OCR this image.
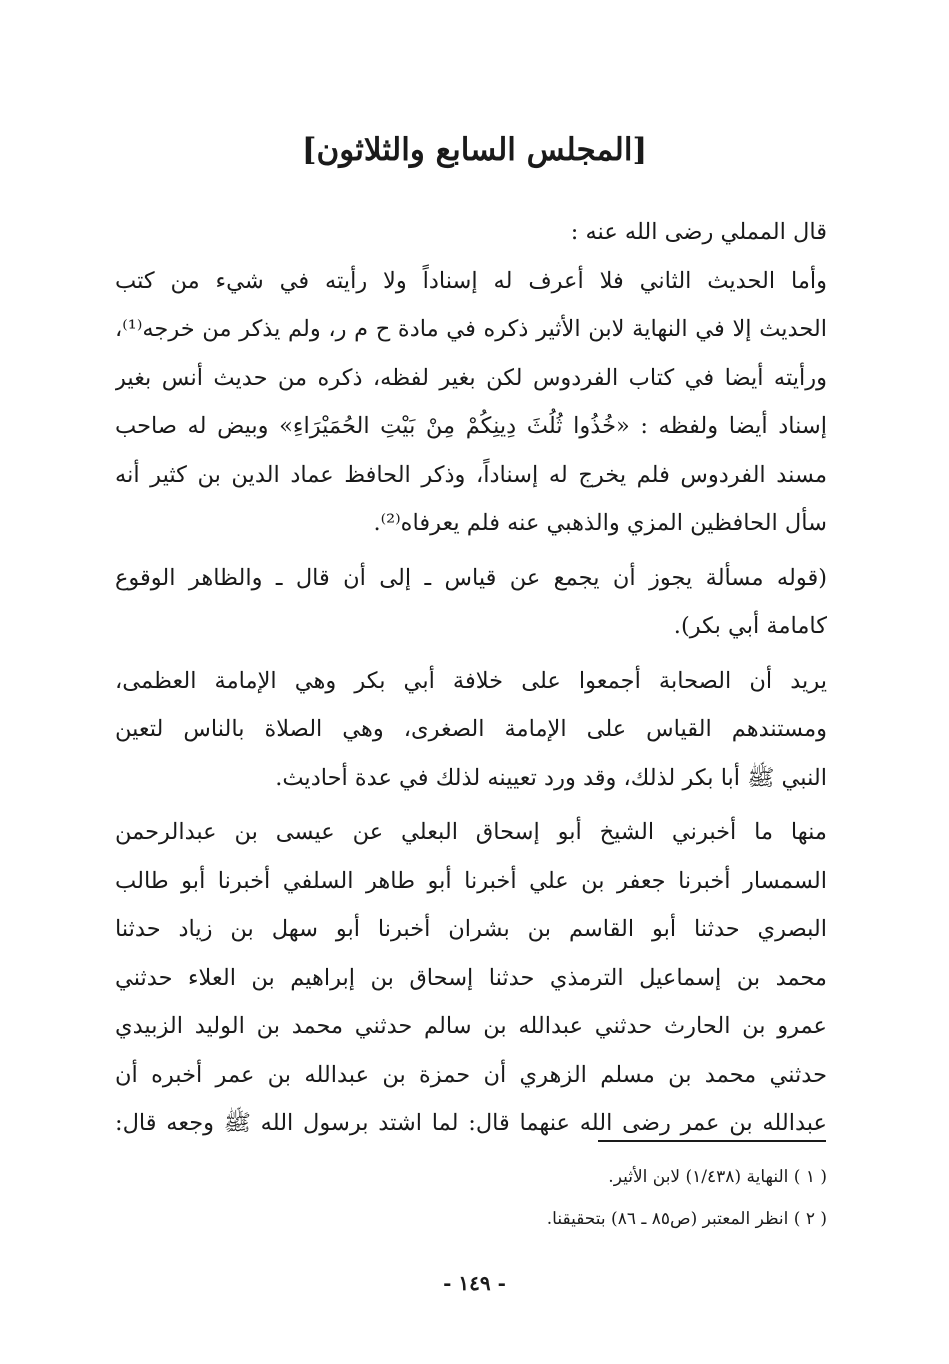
[المجلس السابع والثلاثون]
قال المملي رضى الله عنه :
وأما الحديث الثاني فلا أعرف له إسناداً ولا رأيته في شيء من كتب
الحديث إلا في النهاية لابن الأثير ذكره في مادة ح م ر، ولم يذكر من خرجه⁽¹⁾،
ورأيته أيضا في كتاب الفردوس لكن بغير لفظه، ذكره من حديث أنس بغير
إسناد أيضا ولفظه : «خُذُوا ثُلُثَ دِينِكُمْ مِنْ بَيْتِ الحُمَيْرَاءِ» وبيض له صاحب
مسند الفردوس فلم يخرج له إسناداً، وذكر الحافظ عماد الدين بن كثير أنه
سأل الحافظين المزي والذهبي عنه فلم يعرفاه⁽²⁾.
(قوله مسألة يجوز أن يجمع عن قياس ـ إلى أن قال ـ والظاهر الوقوع
كامامة أبي بكر).
يريد أن الصحابة أجمعوا على خلافة أبي بكر وهي الإمامة العظمى،
ومستندهم القياس على الإمامة الصغرى، وهي الصلاة بالناس لتعين
النبي ﷺ أبا بكر لذلك، وقد ورد تعيينه لذلك في عدة أحاديث.
منها ما أخبرني الشيخ أبو إسحاق البعلي عن عيسى بن عبدالرحمن
السمسار أخبرنا جعفر بن علي أخبرنا أبو طاهر السلفي أخبرنا أبو طالب
البصري حدثنا أبو القاسم بن بشران أخبرنا أبو سهل بن زياد حدثنا
محمد بن إسماعيل الترمذي حدثنا إسحاق بن إبراهيم بن العلاء حدثني
عمرو بن الحارث حدثني عبدالله بن سالم حدثني محمد بن الوليد الزبيدي
حدثني محمد بن مسلم الزهري أن حمزة بن عبدالله بن عمر أخبره أن
عبدالله بن عمر رضى الله عنهما قال: لما اشتد برسول الله ﷺ وجعه قال:
( ١ ) النهاية (١/٤٣٨) لابن الأثير.
( ٢ ) انظر المعتبر (ص٨٥ ـ ٨٦) بتحقيقنا.
- ١٤٩ -
